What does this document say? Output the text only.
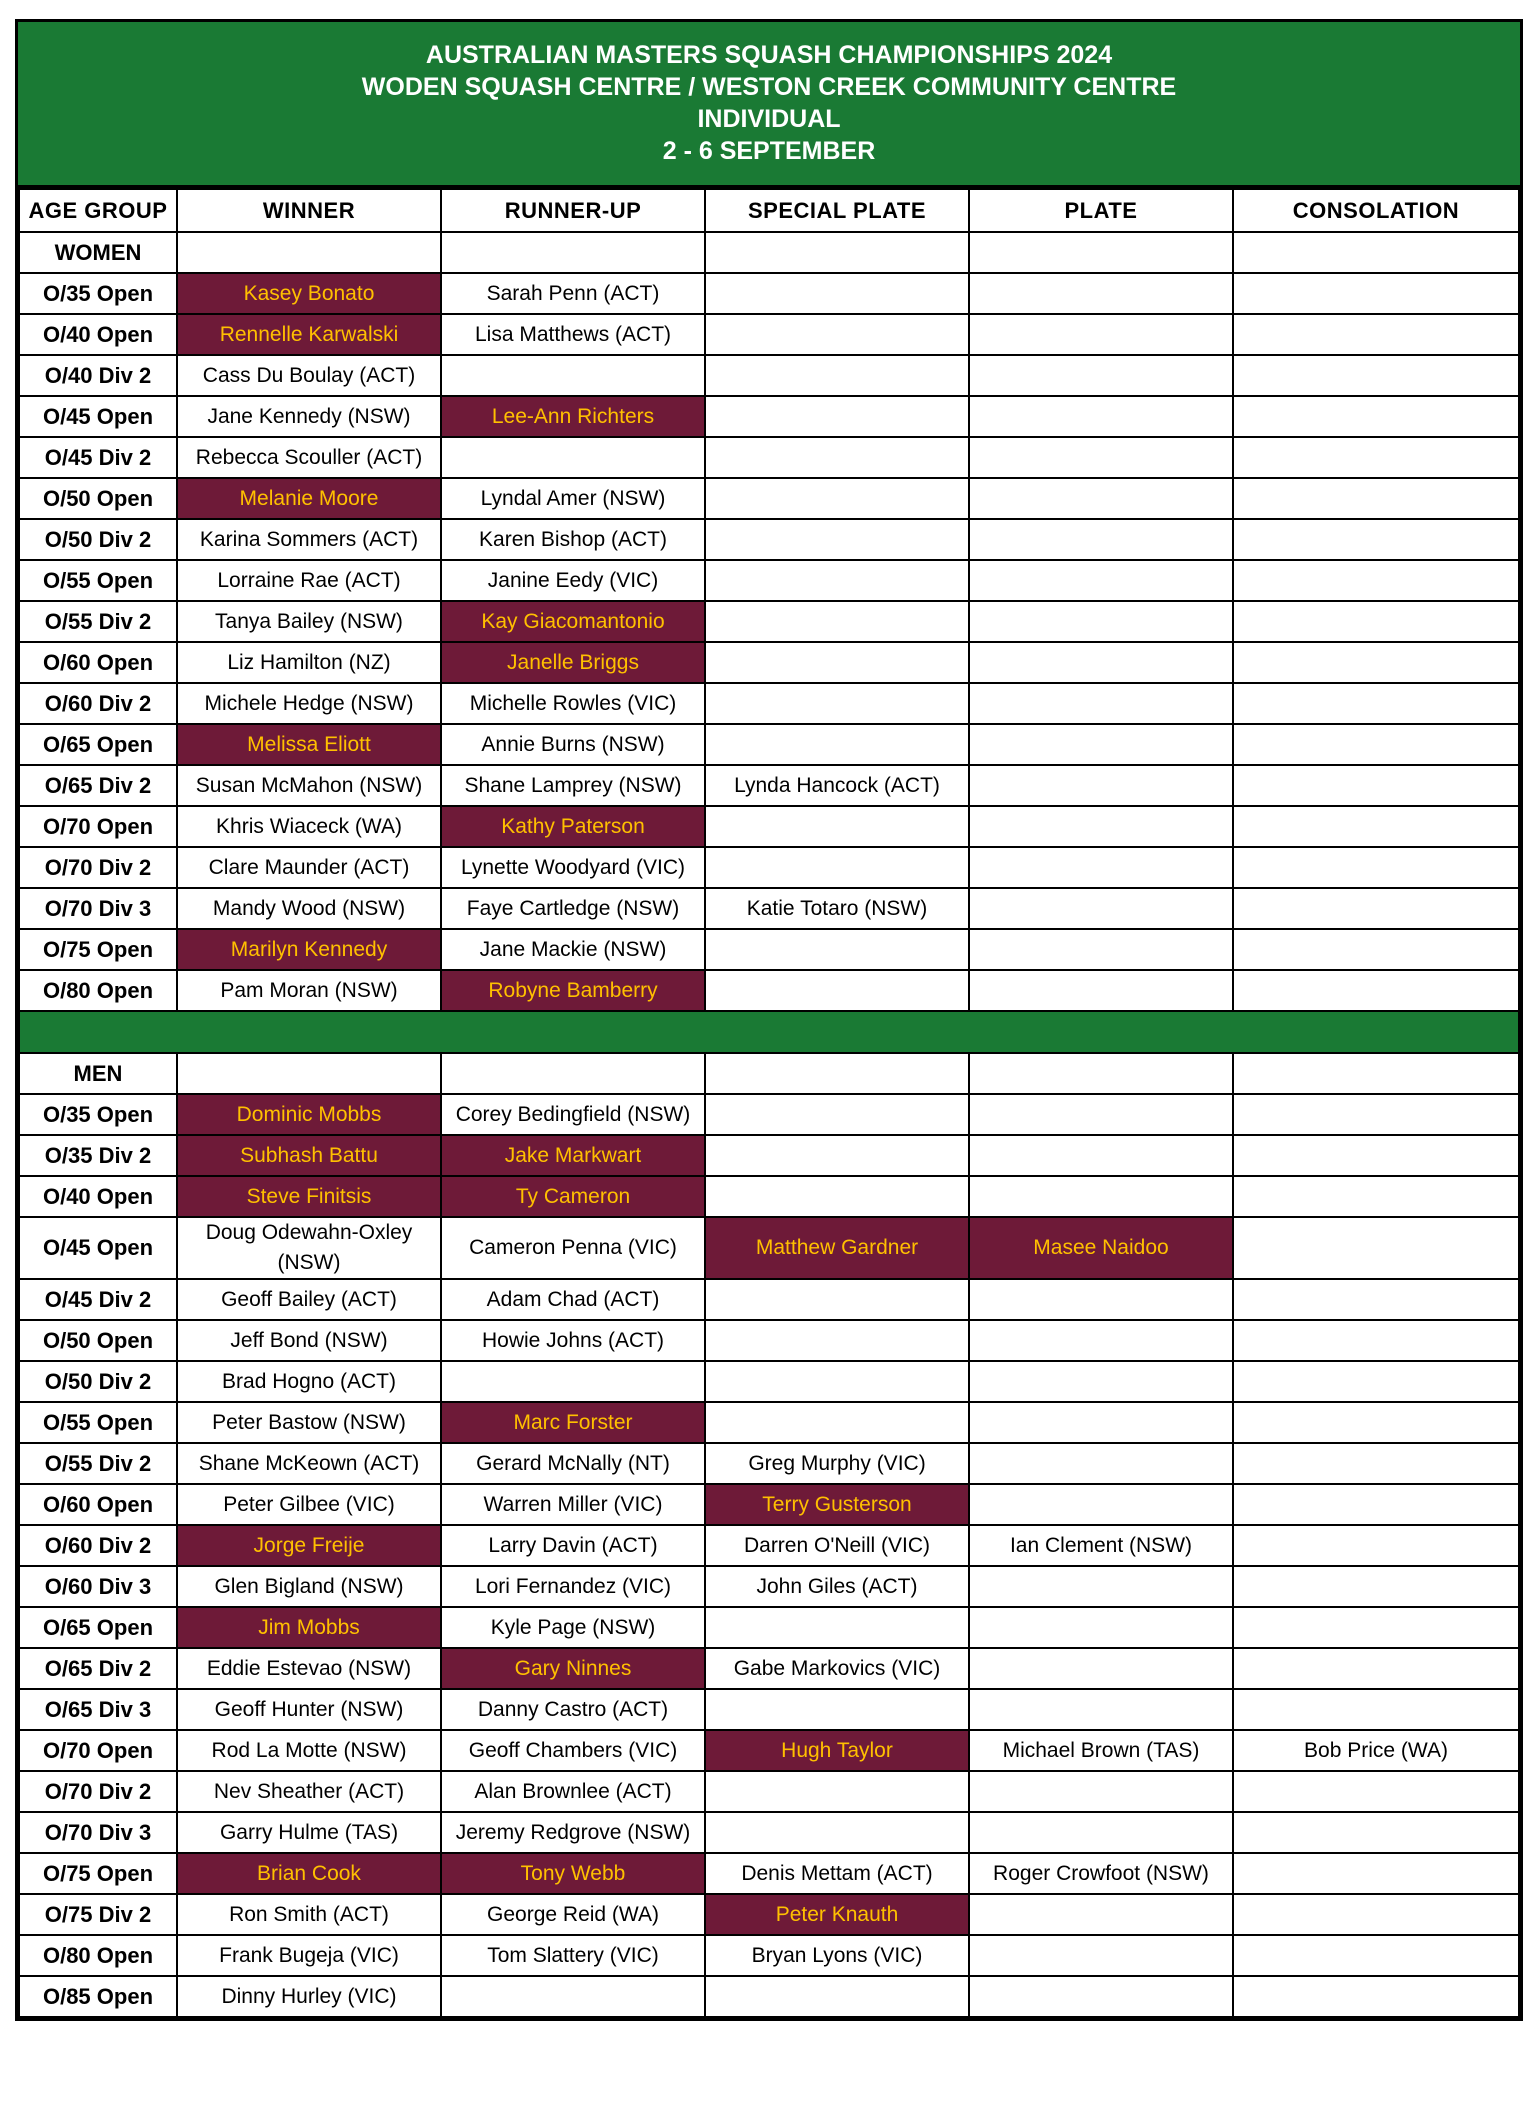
AUSTRALIAN MASTERS SQUASH CHAMPIONSHIPS 2024
WODEN SQUASH CENTRE / WESTON CREEK COMMUNITY CENTRE
INDIVIDUAL
2 - 6 SEPTEMBER
AGE GROUP	WINNER	RUNNER-UP	SPECIAL PLATE	PLATE	CONSOLATION
WOMEN					
O/35 Open	Kasey Bonato	Sarah Penn (ACT)			
O/40 Open	Rennelle Karwalski	Lisa Matthews (ACT)			
O/40 Div 2	Cass Du Boulay (ACT)				
O/45 Open	Jane Kennedy (NSW)	Lee-Ann Richters			
O/45 Div 2	Rebecca Scouller (ACT)				
O/50 Open	Melanie Moore	Lyndal Amer (NSW)			
O/50 Div 2	Karina Sommers (ACT)	Karen Bishop (ACT)			
O/55 Open	Lorraine Rae (ACT)	Janine Eedy (VIC)			
O/55 Div 2	Tanya Bailey (NSW)	Kay Giacomantonio			
O/60 Open	Liz Hamilton (NZ)	Janelle Briggs			
O/60 Div 2	Michele Hedge (NSW)	Michelle Rowles (VIC)			
O/65 Open	Melissa Eliott	Annie Burns (NSW)			
O/65 Div 2	Susan McMahon (NSW)	Shane Lamprey (NSW)	Lynda Hancock (ACT)		
O/70 Open	Khris Wiaceck (WA)	Kathy Paterson			
O/70 Div 2	Clare Maunder (ACT)	Lynette Woodyard (VIC)			
O/70 Div 3	Mandy Wood (NSW)	Faye Cartledge (NSW)	Katie Totaro (NSW)		
O/75 Open	Marilyn Kennedy	Jane Mackie (NSW)			
O/80 Open	Pam Moran (NSW)	Robyne Bamberry			

MEN					
O/35 Open	Dominic Mobbs	Corey Bedingfield (NSW)			
O/35 Div 2	Subhash Battu	Jake Markwart			
O/40 Open	Steve Finitsis	Ty Cameron			
O/45 Open	Doug Odewahn-Oxley (NSW)	Cameron Penna (VIC)	Matthew Gardner	Masee Naidoo	
O/45 Div 2	Geoff Bailey (ACT)	Adam Chad (ACT)			
O/50 Open	Jeff Bond (NSW)	Howie Johns (ACT)			
O/50 Div 2	Brad Hogno (ACT)				
O/55 Open	Peter Bastow (NSW)	Marc Forster			
O/55 Div 2	Shane McKeown (ACT)	Gerard McNally (NT)	Greg Murphy (VIC)		
O/60 Open	Peter Gilbee (VIC)	Warren Miller (VIC)	Terry Gusterson		
O/60 Div 2	Jorge Freije	Larry Davin (ACT)	Darren O'Neill (VIC)	Ian Clement (NSW)	
O/60 Div 3	Glen Bigland (NSW)	Lori Fernandez (VIC)	John Giles (ACT)		
O/65 Open	Jim Mobbs	Kyle Page (NSW)			
O/65 Div 2	Eddie Estevao (NSW)	Gary Ninnes	Gabe Markovics (VIC)		
O/65 Div 3	Geoff Hunter (NSW)	Danny Castro (ACT)			
O/70 Open	Rod La Motte (NSW)	Geoff Chambers (VIC)	Hugh Taylor	Michael Brown (TAS)	Bob Price (WA)
O/70 Div 2	Nev Sheather (ACT)	Alan Brownlee (ACT)			
O/70 Div 3	Garry Hulme (TAS)	Jeremy Redgrove (NSW)			
O/75 Open	Brian Cook	Tony Webb	Denis Mettam (ACT)	Roger Crowfoot (NSW)	
O/75 Div 2	Ron Smith (ACT)	George Reid (WA)	Peter Knauth		
O/80 Open	Frank Bugeja (VIC)	Tom Slattery (VIC)	Bryan Lyons (VIC)		
O/85 Open	Dinny Hurley (VIC)				
